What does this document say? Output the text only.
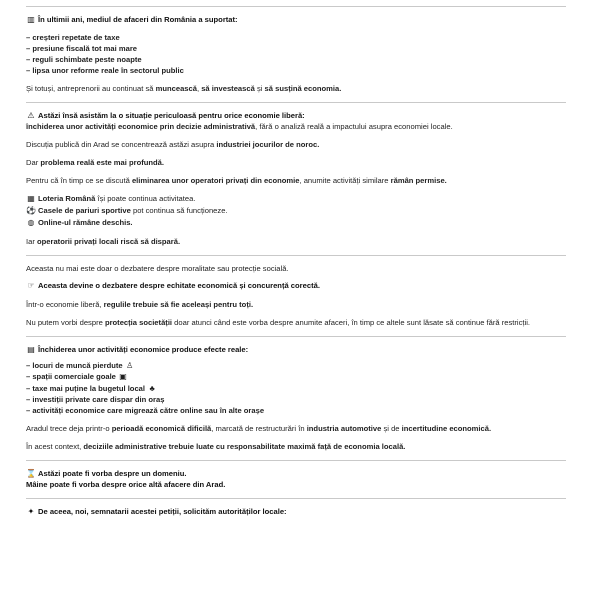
▥ În ultimii ani, mediul de afaceri din România a suportat:

– creșteri repetate de taxe
– presiune fiscală tot mai mare
– reguli schimbate peste noapte
– lipsa unor reforme reale în sectorul public

Și totuși, antreprenorii au continuat să muncească, să investească și să susțină economia.

⚠ Astăzi însă asistăm la o situație periculoasă pentru orice economie liberă:

închiderea unor activități economice prin decizie administrativă, fără o analiză reală a impactului asupra economiei locale.

Discuția publică din Arad se concentrează astăzi asupra industriei jocurilor de noroc.

Dar problema reală este mai profundă.

Pentru că în timp ce se discută eliminarea unor operatori privați din economie, anumite activități similare rămân permise.

▦ Loteria Română își poate continua activitatea.
⚽ Casele de pariuri sportive pot continua să funcționeze.
◍ Online-ul rămâne deschis.

Iar operatorii privați locali riscă să dispară.

Aceasta nu mai este doar o dezbatere despre moralitate sau protecție socială.

☞ Aceasta devine o dezbatere despre echitate economică și concurență corectă.

Într-o economie liberă, regulile trebuie să fie aceleași pentru toți.

Nu putem vorbi despre protecția societății doar atunci când este vorba despre anumite afaceri, în timp ce altele sunt lăsate să continue fără restricții.

▤ Închiderea unor activități economice produce efecte reale:

– locuri de muncă pierdute ♙
– spații comerciale goale ▣
– taxe mai puține la bugetul local ♣
– investiții private care dispar din oraș
– activități economice care migrează către online sau în alte orașe

Aradul trece deja printr-o perioadă economică dificilă, marcată de restructurări în industria automotive și de incertitudine economică.

În acest context, deciziile administrative trebuie luate cu responsabilitate maximă față de economia locală.

⌛ Astăzi poate fi vorba despre un domeniu.

Mâine poate fi vorba despre orice altă afacere din Arad.

✦ De aceea, noi, semnatarii acestei petiții, solicităm autorităților locale:
